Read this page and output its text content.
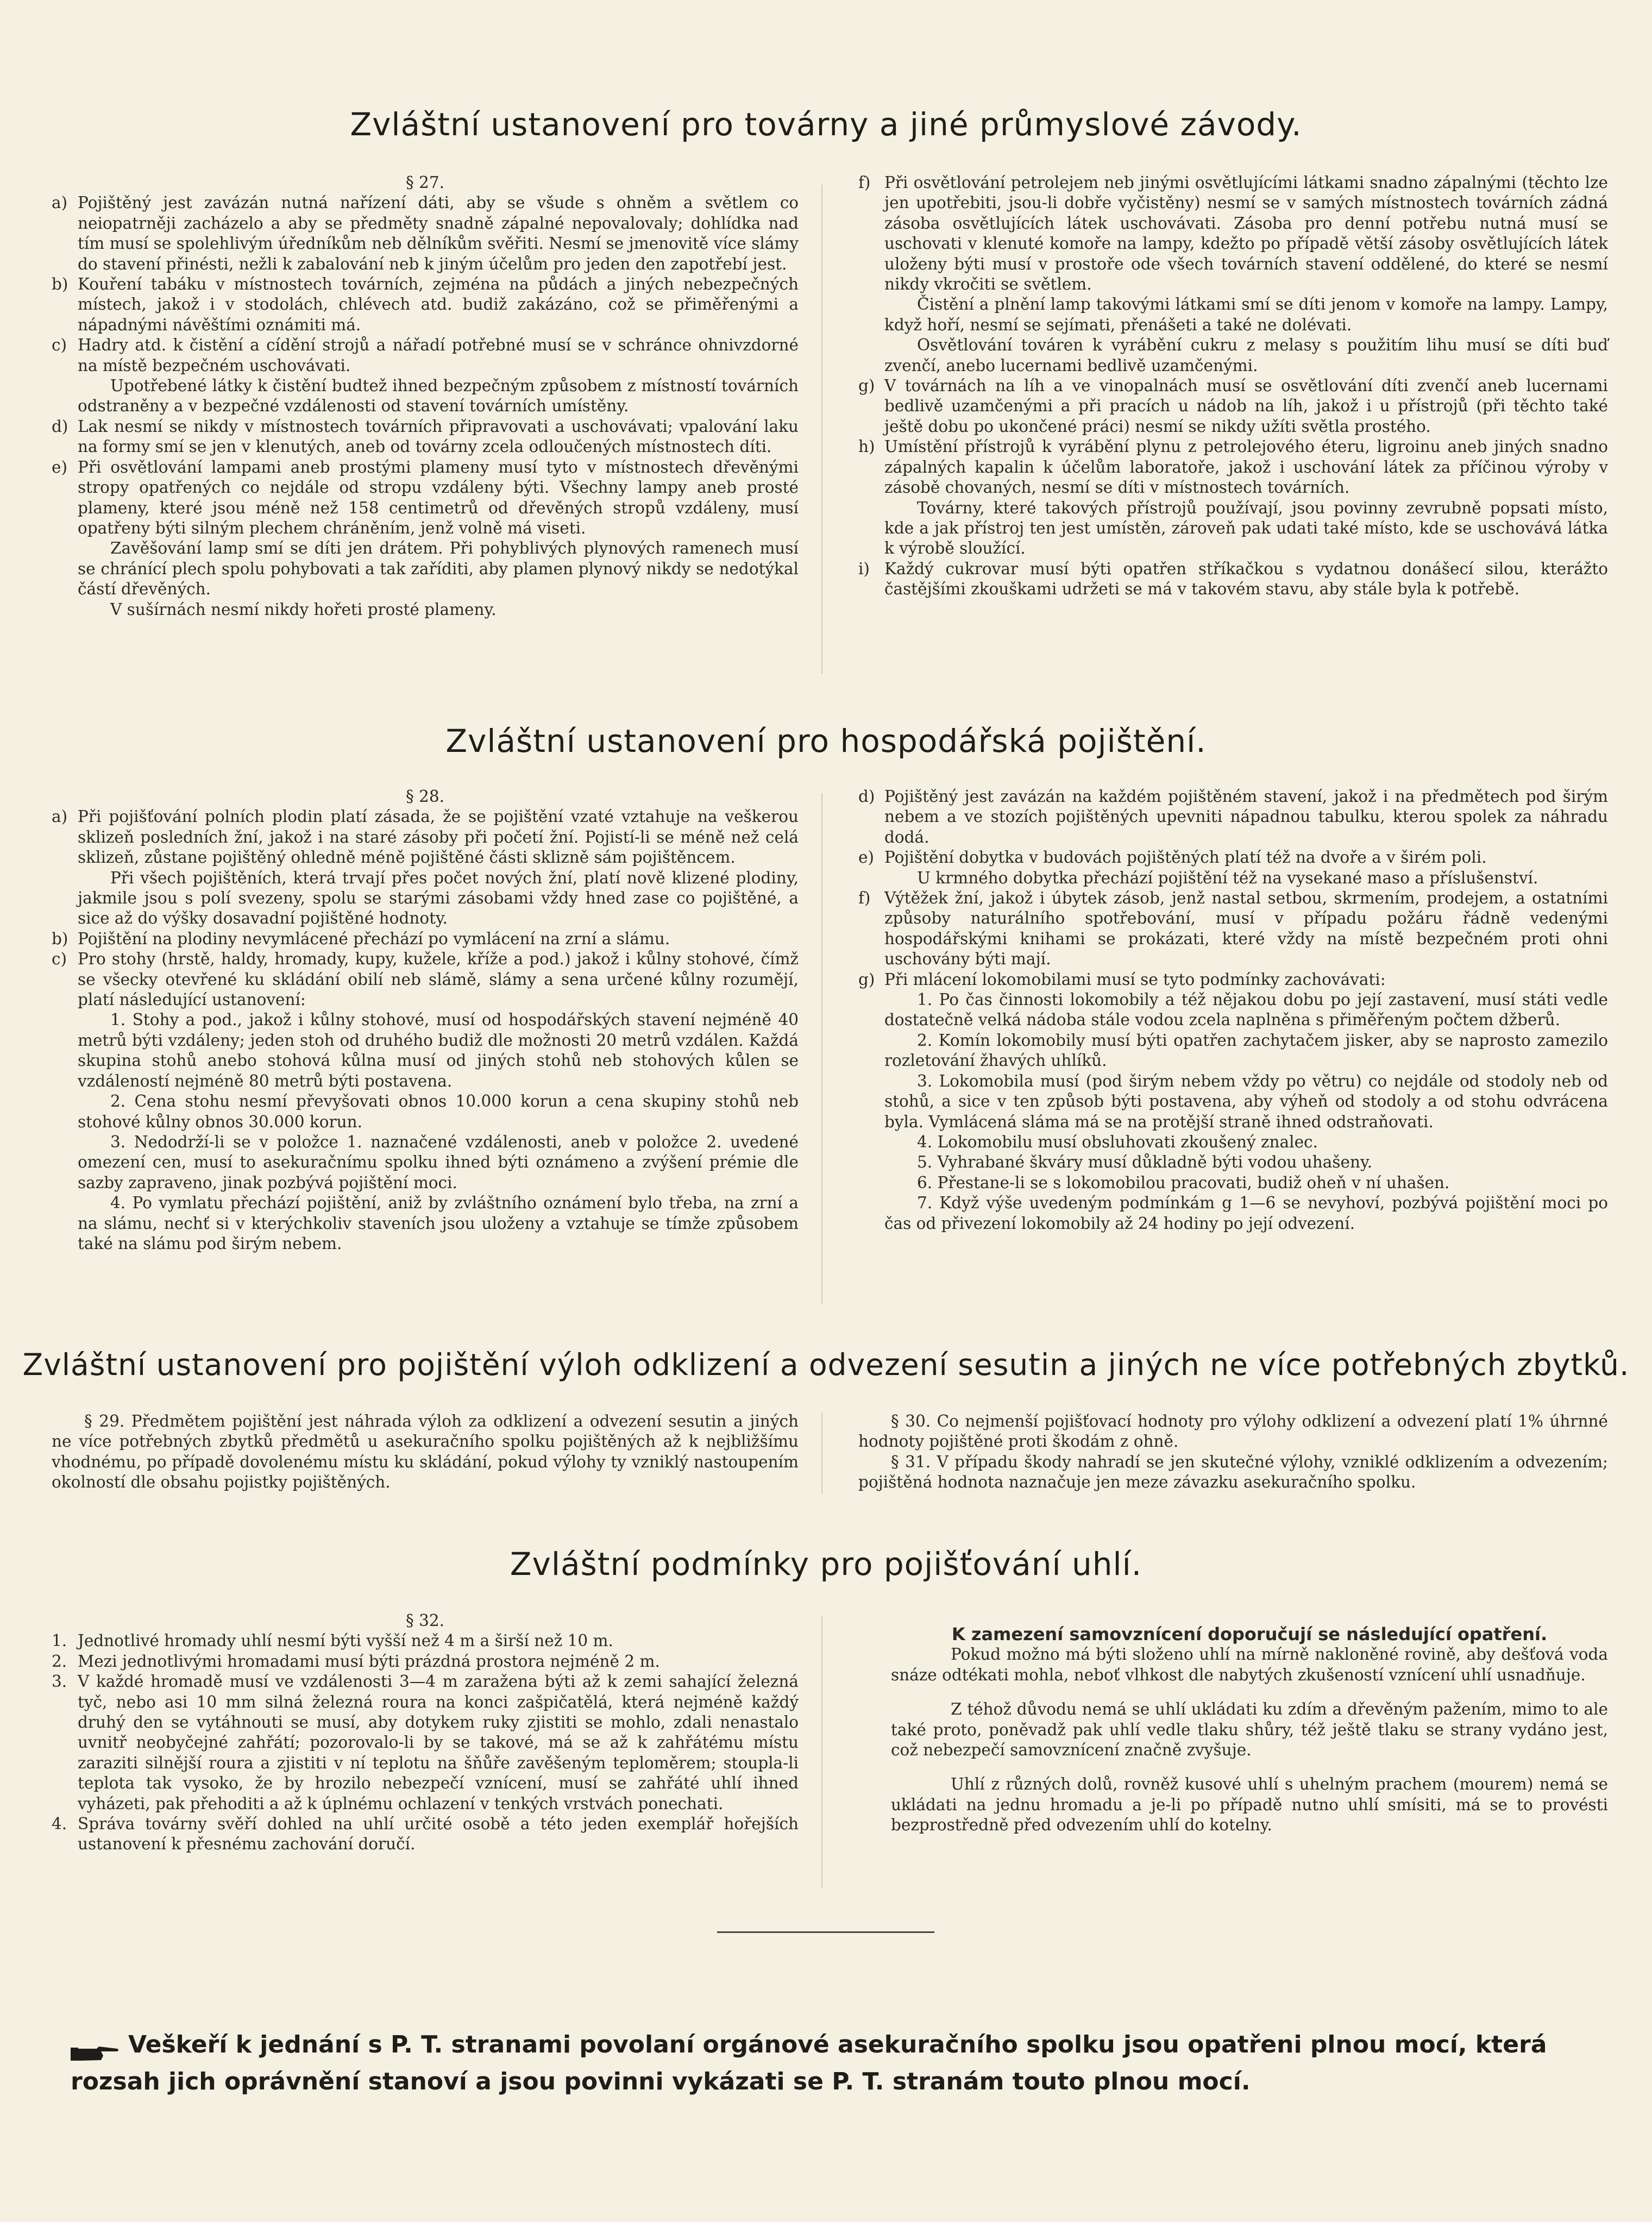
Zvláštní ustanovení pro továrny a jiné průmyslové závody.

§ 27.

a) Pojištěný jest zavázán nutná nařízení dáti, aby se všude s ohněm a světlem co neiopatrněji zacházelo a aby se předměty snadně zápalné nepovalovaly; dohlídka nad tím musí se spolehlivým úředníkům neb dělníkům svěřiti. Nesmí se jmenovitě více slámy do stavení přinésti, nežli k zabalování neb k jiným účelům pro jeden den zapotřebí jest.
b) Kouření tabáku v místnostech továrních, zejména na půdách a jiných nebezpečných místech, jakož i v stodolách, chlévech atd. budiž zakázáno, což se přiměřenými a nápadnými návěštími oznámiti má.
c) Hadry atd. k čistění a cídění strojů a nářadí potřebné musí se v schránce ohnivzdorné na místě bezpečném uschovávati.
Upotřebené látky k čistění budtež ihned bezpečným způsobem z místností továrních odstraněny a v bezpečné vzdálenosti od stavení továrních umístěny.
d) Lak nesmí se nikdy v místnostech továrních připravovati a uschovávati; vpalování laku na formy smí se jen v klenutých, aneb od továrny zcela odloučených místnostech díti.
e) Při osvětlování lampami aneb prostými plameny musí tyto v místnostech dřevěnými stropy opatřených co nejdále od stropu vzdáleny býti. Všechny lampy aneb prosté plameny, které jsou méně než 158 centimetrů od dřevěných stropů vzdáleny, musí opatřeny býti silným plechem chráněním, jenž volně má viseti.
Zavěšování lamp smí se díti jen drátem. Při pohyblivých plynových ramenech musí se chránící plech spolu pohybovati a tak zaříditi, aby plamen plynový nikdy se nedotýkal částí dřevěných.
V sušírnách nesmí nikdy hořeti prosté plameny.
f) Při osvětlování petrolejem neb jinými osvětlujícími látkami snadno zápalnými (těchto lze jen upotřebiti, jsou-li dobře vyčistěny) nesmí se v samých místnostech továrních zádná zásoba osvětlujících látek uschovávati. Zásoba pro denní potřebu nutná musí se uschovati v klenuté komoře na lampy, kdežto po případě větší zásoby osvětlujících látek uloženy býti musí v prostoře ode všech továrních stavení oddělené, do které se nesmí nikdy vkročiti se světlem.
Čistění a plnění lamp takovými látkami smí se díti jenom v komoře na lampy. Lampy, když hoří, nesmí se sejímati, přenášeti a také ne dolévati.
Osvětlování továren k vyrábění cukru z melasy s použitím lihu musí se díti buď zvenčí, anebo lucernami bedlivě uzamčenými.
g) V továrnách na líh a ve vinopalnách musí se osvětlování díti zvenčí aneb lucernami bedlivě uzamčenými a při pracích u nádob na líh, jakož i u přístrojů (při těchto také ještě dobu po ukončené práci) nesmí se nikdy užíti světla prostého.
h) Umístění přístrojů k vyrábění plynu z petrolejového éteru, ligroinu aneb jiných snadno zápalných kapalin k účelům laboratoře, jakož i uschování látek za příčinou výroby v zásobě chovaných, nesmí se díti v místnostech továrních.
Továrny, které takových přístrojů používají, jsou povinny zevrubně popsati místo, kde a jak přístroj ten jest umístěn, zároveň pak udati také místo, kde se uschovává látka k výrobě sloužící.
i) Každý cukrovar musí býti opatřen stříkačkou s vydatnou donášecí silou, kterážto častějšími zkouškami udržeti se má v takovém stavu, aby stále byla k potřebě.
Zvláštní ustanovení pro hospodářská pojištění.

§ 28.

a) Při pojišťování polních plodin platí zásada, že se pojištění vzaté vztahuje na veškerou sklizeň posledních žní, jakož i na staré zásoby při početí žní. Pojistí-li se méně než celá sklizeň, zůstane pojištěný ohledně méně pojištěné části sklizně sám pojištěncem.
Při všech pojištěních, která trvají přes počet nových žní, platí nově klizené plodiny, jakmile jsou s polí svezeny, spolu se starými zásobami vždy hned zase co pojištěné, a sice až do výšky dosavadní pojištěné hodnoty.
b) Pojištění na plodiny nevymlácené přechází po vymlácení na zrní a slámu.
c) Pro stohy (hrstě, haldy, hromady, kupy, kužele, křížе a pod.) jakož i kůlny stohové, čímž se všecky otevřené ku skládání obilí neb slámě, slámy a sena určené kůlny rozumějí, platí následující ustanovení:
1. Stohy a pod., jakož i kůlny stohové, musí od hospodářských stavení nejméně 40 metrů býti vzdáleny; jeden stoh od druhého budiž dle možnosti 20 metrů vzdálen. Každá skupina stohů anebo stohová kůlna musí od jiných stohů neb stohových kůlen se vzdáleností nejméně 80 metrů býti postavena.
2. Cena stohu nesmí převyšovati obnos 10.000 korun a cena skupiny stohů neb stohové kůlny obnos 30.000 korun.
3. Nedodrží-li se v položce 1. naznačené vzdálenosti, aneb v položce 2. uvedené omezení cen, musí to asekuračnímu spolku ihned býti oznámeno a zvýšení prémie dle sazby zapraveno, jinak pozbývá pojištění moci.
4. Po vymlatu přechází pojištění, aniž by zvláštního oznámení bylo třeba, na zrní a na slámu, nechť si v kterýchkoliv staveních jsou uloženy a vztahuje se tímže způsobem také na slámu pod širým nebem.
d) Pojištěný jest zavázán na každém pojištěném stavení, jakož i na předmětech pod širým nebem a ve stozích pojištěných upevniti nápadnou tabulku, kterou spolek za náhradu dodá.
e) Pojištění dobytka v budovách pojištěných platí též na dvoře a v širém poli.
U krmného dobytka přechází pojištění též na vysekané maso a příslušenství.
f) Výtěžek žní, jakož i úbytek zásob, jenž nastal setbou, skrmením, prodejem, a ostatními způsoby naturálního spotřebování, musí v případu požáru řádně vedenými hospodářskými knihami se prokázati, které vždy na místě bezpečném proti ohni uschovány býti mají.
g) Při mlácení lokomobilami musí se tyto podmínky zachovávati:
1. Po čas činnosti lokomobily a též nějakou dobu po její zastavení, musí státi vedle dostatečně velká nádoba stále vodou zcela naplněna s přiměřeným počtem džberů.
2. Komín lokomobily musí býti opatřen zachytačem jisker, aby se naprosto zamezilo rozletování žhavých uhlíků.
3. Lokomobila musí (pod širým nebem vždy po větru) co nejdále od stodoly neb od stohů, a sice v ten způsob býti postavena, aby výheň od stodoly a od stohu odvrácena byla. Vymlácená sláma má se na protější straně ihned odstraňovati.
4. Lokomobilu musí obsluhovati zkoušený znalec.
5. Vyhrabané škváry musí důkladně býti vodou uhašeny.
6. Přestane-li se s lokomobilou pracovati, budiž oheň v ní uhašen.
7. Když výše uvedeným podmínkám g 1—6 se nevyhoví, pozbývá pojištění moci po čas od přivezení lokomobily až 24 hodiny po její odvezení.
Zvláštní ustanovení pro pojištění výloh odklizení a odvezení sesutin a jiných ne více potřebných zbytků.

§ 29. Předmětem pojištění jest náhrada výloh za odklizení a odvezení sesutin a jiných ne více potřebných zbytků předmětů u asekuračního spolku pojištěných až k nejbližšímu vhodnému, po případě dovolenému místu ku skládání, pokud výlohy ty vzniklý nastoupením okolností dle obsahu pojistky pojištěných.

§ 30. Co nejmenší pojišťovací hodnoty pro výlohy odklizení a odvezení platí 1% úhrnné hodnoty pojištěné proti škodám z ohně.

§ 31. V případu škody nahradí se jen skutečné výlohy, vzniklé odklizením a odvezením; pojištěná hodnota naznačuje jen meze závazku asekuračního spolku.

Zvláštní podmínky pro pojišťování uhlí.

§ 32.

1. Jednotlivé hromady uhlí nesmí býti vyšší než 4 m a širší než 10 m.
2. Mezi jednotlivými hromadami musí býti prázdná prostora nejméně 2 m.
3. V každé hromadě musí ve vzdálenosti 3—4 m zaražena býti až k zemi sahající železná tyč, nebo asi 10 mm silná železná roura na konci zašpičatělá, která nejméně každý druhý den se vytáhnouti se musí, aby dotykem ruky zjistiti se mohlo, zdali nenastalo uvnitř neobyčejné zahřátí; pozorovalo-li by se takové, má se až k zahřátému místu zaraziti silnější roura a zjistiti v ní teplotu na šňůře zavěšeným teploměrem; stoupla-li teplota tak vysoko, že by hrozilo nebezpečí vznícení, musí se zahřáté uhlí ihned vyházeti, pak přehoditi a až k úplnému ochlazení v tenkých vrstvách ponechati.
4. Správa továrny svěří dohled na uhlí určité osobě a této jeden exemplář hořejších ustanovení k přesnému zachování doručí.

K zamezení samovznícení doporučují se následující opatření.

Pokud možno má býti složeno uhlí na mírně nakloněné rovině, aby dešťová voda snáze odtékati mohla, neboť vlhkost dle nabytých zkušeností vznícení uhlí usnadňuje.

Z téhož důvodu nemá se uhlí ukládati ku zdím a dřevěným pažením, mimo to ale také proto, poněvadž pak uhlí vedle tlaku shůry, též ještě tlaku se strany vydáno jest, což nebezpečí samovznícení značně zvyšuje.

Uhlí z různých dolů, rovněž kusové uhlí s uhelným prachem (mourem) nemá se ukládati na jednu hromadu a je-li po případě nutno uhlí smísiti, má se to provésti bezprostředně před odvezením uhlí do kotelny.

Veškeří k jednání s P. T. stranami povolaní orgánové asekuračního spolku jsou opatřeni plnou mocí, která rozsah jich oprávnění stanoví a jsou povinni vykázati se P. T. stranám touto plnou mocí.
